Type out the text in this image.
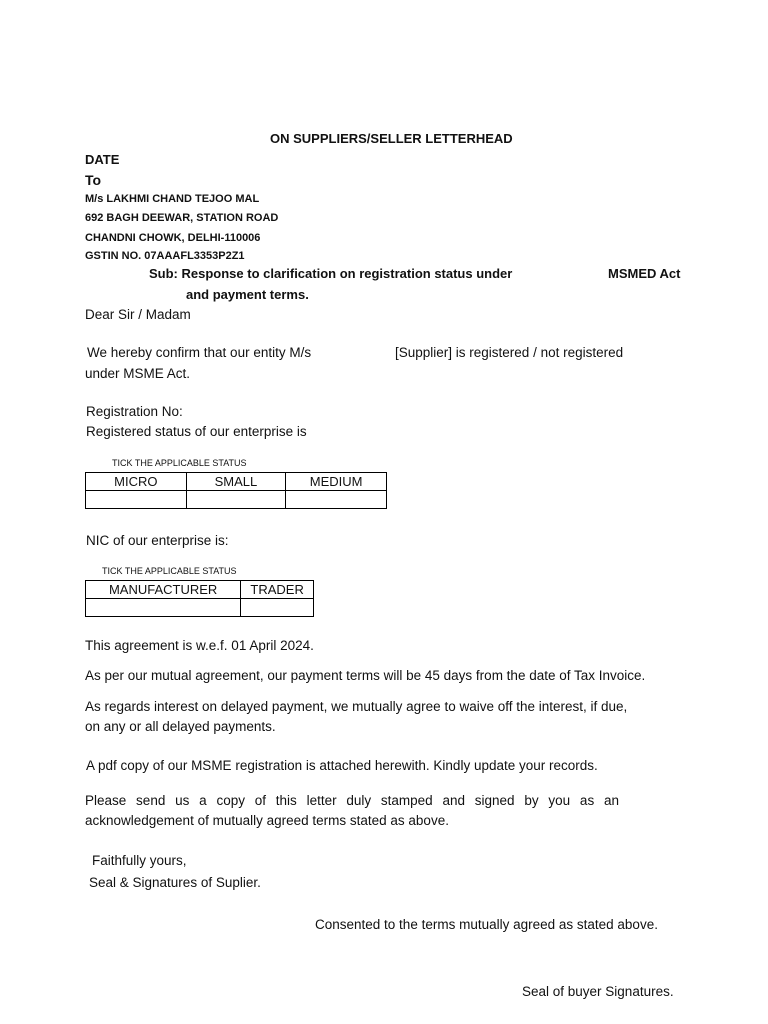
ON SUPPLIERS/SELLER LETTERHEAD
DATE
To
M/s LAKHMI CHAND TEJOO MAL
692 BAGH DEEWAR, STATION ROAD
CHANDNI CHOWK, DELHI-110006
GSTIN NO. 07AAAFL3353P2Z1
Sub: Response to clarification on registration status under	MSMED Act
and payment terms.
Dear Sir / Madam
We hereby confirm that our entity M/s	[Supplier] is registered / not registered
under MSME Act.
Registration No:
Registered status of our enterprise is
TICK THE APPLICABLE STATUS
MICRO	SMALL	MEDIUM

NIC of our enterprise is:
TICK THE APPLICABLE STATUS
MANUFACTURER	TRADER

This agreement is w.e.f. 01 April 2024.
As per our mutual agreement, our payment terms will be 45 days from the date of Tax Invoice.
As regards interest on delayed payment, we mutually agree to waive off the interest, if due,
on any or all delayed payments.
A pdf copy of our MSME registration is attached herewith. Kindly update your records.
Please send us a copy of this letter duly stamped and signed by you as an
acknowledgement of mutually agreed terms stated as above.
Faithfully yours,
Seal & Signatures of Suplier.
Consented to the terms mutually agreed as stated above.
Seal of buyer Signatures.
